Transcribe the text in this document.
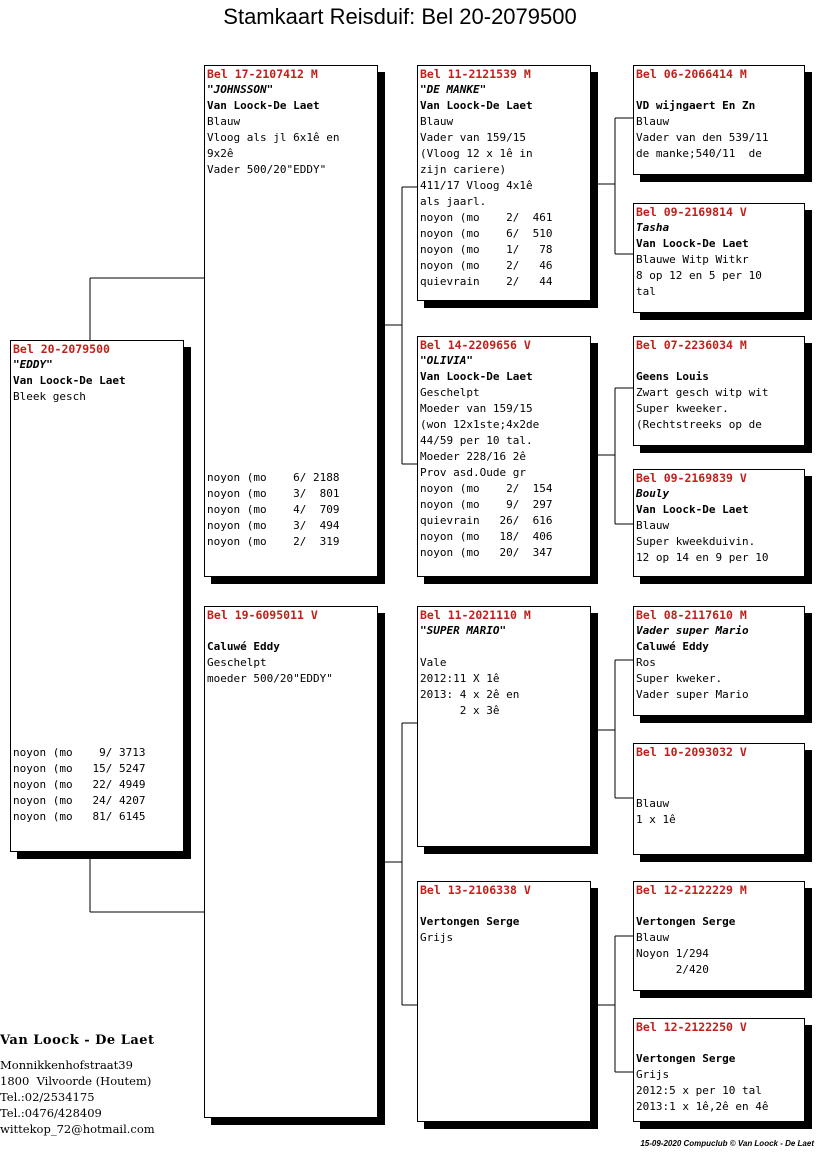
Stamkaart Reisduif: Bel 20-2079500
Bel 20-2079500
"EDDY"
Van Loock-De Laet
Bleek gesch
noyon (mo    9/ 3713
noyon (mo   15/ 5247
noyon (mo   22/ 4949
noyon (mo   24/ 4207
noyon (mo   81/ 6145
Bel 17-2107412 M
"JOHNSSON"
Van Loock-De Laet
Blauw
Vloog als jl 6x1ê en
9x2ê
Vader 500/20"EDDY"
noyon (mo    6/ 2188
noyon (mo    3/  801
noyon (mo    4/  709
noyon (mo    3/  494
noyon (mo    2/  319
Bel 19-6095011 V
Caluwé Eddy
Geschelpt
moeder 500/20"EDDY"
Bel 11-2121539 M
"DE MANKE"
Van Loock-De Laet
Blauw
Vader van 159/15
(Vloog 12 x 1ê in
zijn cariere)
411/17 Vloog 4x1ê
als jaarl.
noyon (mo    2/  461
noyon (mo    6/  510
noyon (mo    1/   78
noyon (mo    2/   46
quievrain    2/   44
Bel 14-2209656 V
"OLIVIA"
Van Loock-De Laet
Geschelpt
Moeder van 159/15
(won 12x1ste;4x2de
44/59 per 10 tal.
Moeder 228/16 2ê
Prov asd.Oude gr
noyon (mo    2/  154
noyon (mo    9/  297
quievrain   26/  616
noyon (mo   18/  406
noyon (mo   20/  347
Bel 11-2021110 M
"SUPER MARIO"
Vale
2012:11 X 1ê
2013: 4 x 2ê en
2 x 3ê
Bel 13-2106338 V
Vertongen Serge
Grijs
Bel 06-2066414 M
VD wijngaert En Zn
Blauw
Vader van den 539/11
de manke;540/11  de
Bel 09-2169814 V
Tasha
Van Loock-De Laet
Blauwe Witp Witkr
8 op 12 en 5 per 10
tal
Bel 07-2236034 M
Geens Louis
Zwart gesch witp wit
Super kweeker.
(Rechtstreeks op de
Bel 09-2169839 V
Bouly
Van Loock-De Laet
Blauw
Super kweekduivin.
12 op 14 en 9 per 10
Bel 08-2117610 M
Vader super Mario
Caluwé Eddy
Ros
Super kweker.
Vader super Mario
Bel 10-2093032 V
Blauw
1 x 1ê
Bel 12-2122229 M
Vertongen Serge
Blauw
Noyon 1/294
2/420
Bel 12-2122250 V
Vertongen Serge
Grijs
2012:5 x per 10 tal
2013:1 x 1ê,2ê en 4ê
Van Loock - De Laet
Monnikkenhofstraat39
1800  Vilvoorde (Houtem)
Tel.:02/2534175
Tel.:0476/428409
wittekop_72@hotmail.com
15-09-2020 Compuclub © Van Loock - De Laet
